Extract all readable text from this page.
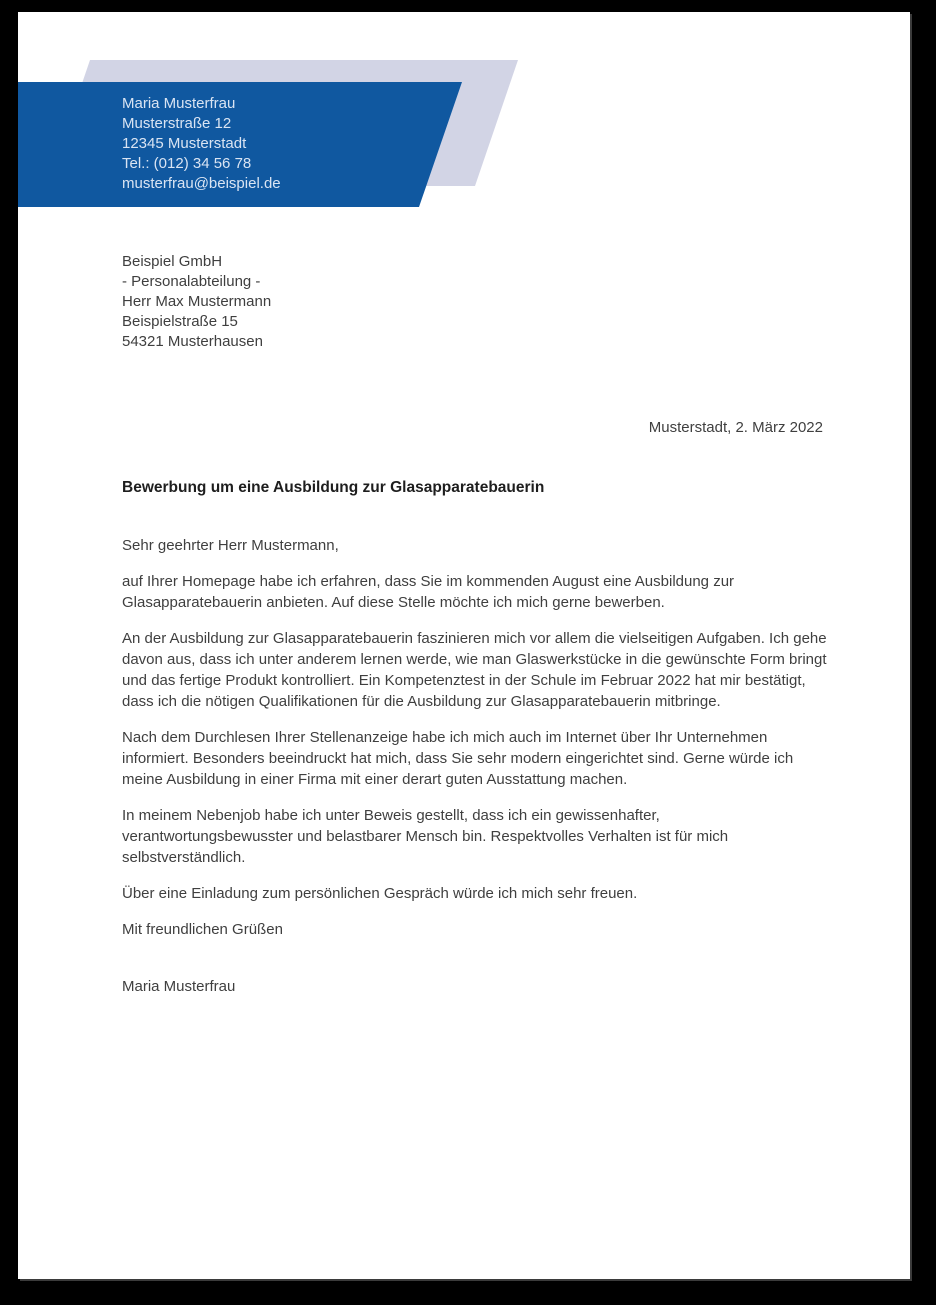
Maria Musterfrau
Musterstraße 12
12345 Musterstadt
Tel.: (012) 34 56 78
musterfrau@beispiel.de
Beispiel GmbH
- Personalabteilung -
Herr Max Mustermann
Beispielstraße 15
54321 Musterhausen
Musterstadt, 2. März 2022
Bewerbung um eine Ausbildung zur Glasapparatebauerin

Sehr geehrter Herr Mustermann,

auf Ihrer Homepage habe ich erfahren, dass Sie im kommenden August eine Ausbildung zur Glasapparatebauerin anbieten. Auf diese Stelle möchte ich mich gerne bewerben.

An der Ausbildung zur Glasapparatebauerin faszinieren mich vor allem die vielseitigen Aufgaben. Ich gehe davon aus, dass ich unter anderem lernen werde, wie man Glaswerkstücke in die gewünschte Form bringt und das fertige Produkt kontrolliert. Ein Kompetenztest in der Schule im Februar 2022 hat mir bestätigt, dass ich die nötigen Qualifikationen für die Ausbildung zur Glasapparatebauerin mitbringe.

Nach dem Durchlesen Ihrer Stellenanzeige habe ich mich auch im Internet über Ihr Unternehmen informiert. Besonders beeindruckt hat mich, dass Sie sehr modern eingerichtet sind. Gerne würde ich meine Ausbildung in einer Firma mit einer derart guten Ausstattung machen.

In meinem Nebenjob habe ich unter Beweis gestellt, dass ich ein gewissenhafter, verantwortungsbewusster und belastbarer Mensch bin. Respektvolles Verhalten ist für mich selbstverständlich.

Über eine Einladung zum persönlichen Gespräch würde ich mich sehr freuen.

Mit freundlichen Grüßen

Maria Musterfrau
